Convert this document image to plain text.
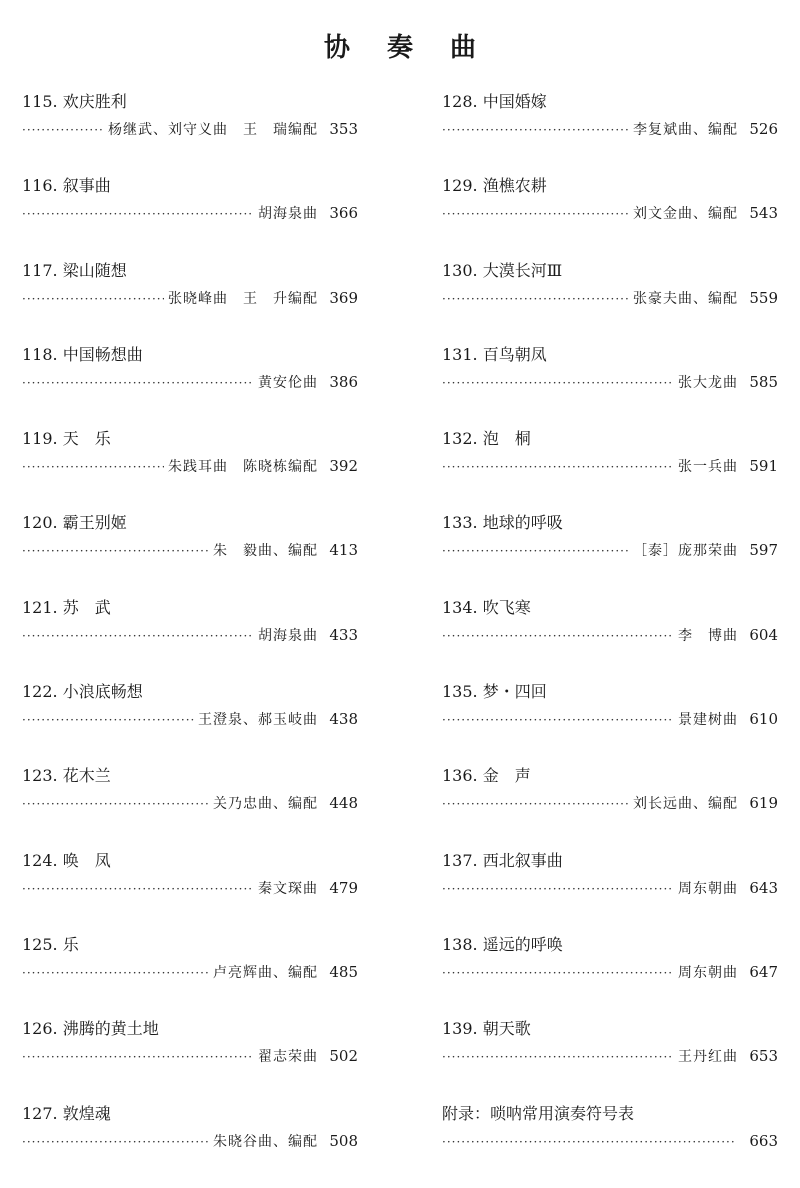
协 奏 曲
115. 欢庆胜利
·····
杨继武、刘守义曲　王　瑞编配 353
116. 叙事曲
·····
胡海泉曲 366
117. 梁山随想
·····
张晓峰曲　王　升编配 369
118. 中国畅想曲
·····
黄安伦曲 386
119. 天　乐
·····
朱践耳曲　陈晓栋编配 392
120. 霸王别姬
·····
朱　毅曲、编配 413
121. 苏　武
·····
胡海泉曲 433
122. 小浪底畅想
·····
王澄泉、郝玉岐曲 438
123. 花木兰
·····
关乃忠曲、编配 448
124. 唤　凤
·····
秦文琛曲 479
125. 乐
·····
卢亮辉曲、编配 485
126. 沸腾的黄土地
·····
翟志荣曲 502
127. 敦煌魂
·····
朱晓谷曲、编配 508
128. 中国婚嫁
·····
李复斌曲、编配 526
129. 渔樵农耕
·····
刘文金曲、编配 543
130. 大漠长河Ⅲ
·····
张豪夫曲、编配 559
131. 百鸟朝凤
·····
张大龙曲 585
132. 泡　桐
·····
张一兵曲 591
133. 地球的呼吸
·····
［泰］庞那荣曲 597
134. 吹飞寒
·····
李　博曲 604
135. 梦・四回
·····
景建树曲 610
136. 金　声
·····
刘长远曲、编配 619
137. 西北叙事曲
·····
周东朝曲 643
138. 遥远的呼唤
·····
周东朝曲 647
139. 朝天歌
·····
王丹红曲 653
附录：唢呐常用演奏符号表
·····
663
